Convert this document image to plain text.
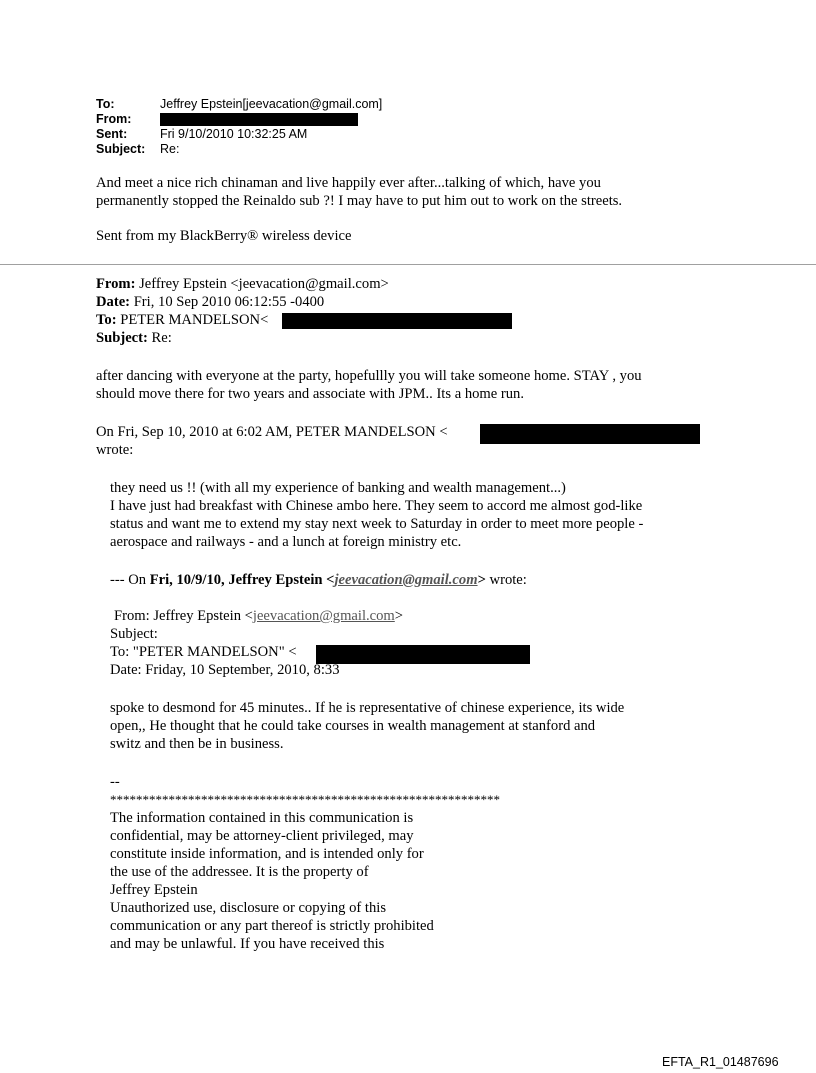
To:	Jeffrey Epstein[jeevacation@gmail.com]
From:
Sent:	Fri 9/10/2010 10:32:25 AM
Subject: Re:
And meet a nice rich chinaman and live happily ever after...talking of which, have you
permanently stopped the Reinaldo sub ?! I may have to put him out to work on the streets.
Sent from my BlackBerry® wireless device
From: Jeffrey Epstein <jeevacation@gmail.com>
Date: Fri, 10 Sep 2010 06:12:55 -0400
To: PETER MANDELSON<
Subject: Re:
after dancing with everyone at the party, hopefullly you will take someone home. STAY , you
should move there for two years and associate with JPM.. Its a home run.
On Fri, Sep 10, 2010 at 6:02 AM, PETER MANDELSON <
wrote:
they need us !! (with all my experience of banking and wealth management...)
I have just had breakfast with Chinese ambo here. They seem to accord me almost god-like
status and want me to extend my stay next week to Saturday in order to meet more people -
aerospace and railways - and a lunch at foreign ministry etc.
--- On Fri, 10/9/10, Jeffrey Epstein <jeevacation@gmail.com> wrote:
From: Jeffrey Epstein <jeevacation@gmail.com>
Subject:
To: "PETER MANDELSON" <
Date: Friday, 10 September, 2010, 8:33
spoke to desmond for 45 minutes.. If he is representative of chinese experience, its wide
open,, He thought that he could take courses in wealth management at stanford and
switz and then be in business.
--
************************************************************
The information contained in this communication is
confidential, may be attorney-client privileged, may
constitute inside information, and is intended only for
the use of the addressee. It is the property of
Jeffrey Epstein
Unauthorized use, disclosure or copying of this
communication or any part thereof is strictly prohibited
and may be unlawful. If you have received this
EFTA_R1_01487696
